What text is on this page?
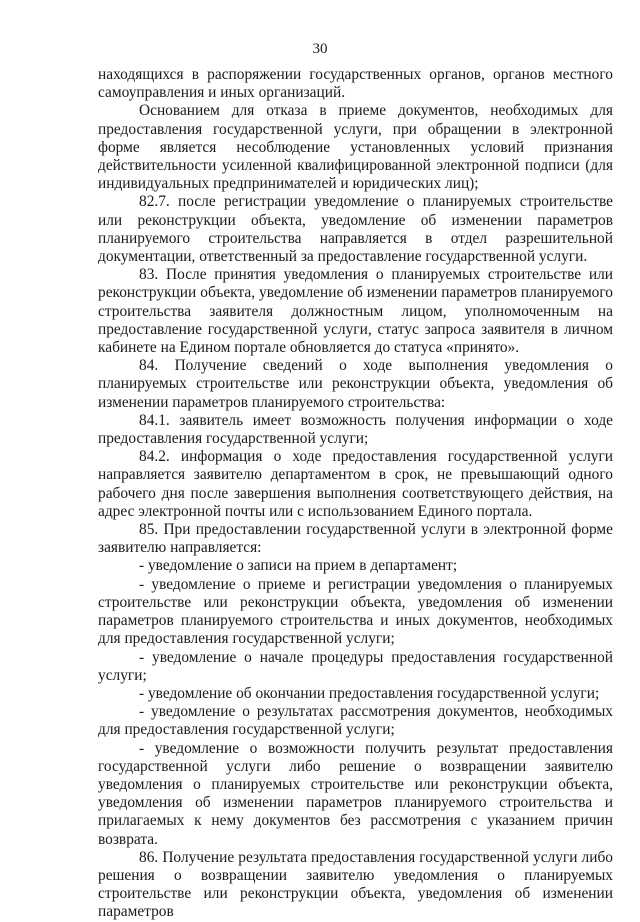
30

находящихся в распоряжении государственных органов, органов местного самоуправления и иных организаций.

Основанием для отказа в приеме документов, необходимых для предоставления государственной услуги, при обращении в электронной форме является несоблюдение установленных условий признания действительности усиленной квалифицированной электронной подписи (для индивидуальных предпринимателей и юридических лиц);

82.7. после регистрации уведомление о планируемых строительстве или реконструкции объекта, уведомление об изменении параметров планируемого строительства направляется в отдел разрешительной документации, ответственный за предоставление государственной услуги.

83. После принятия уведомления о планируемых строительстве или реконструкции объекта, уведомление об изменении параметров планируемого строительства заявителя должностным лицом, уполномоченным на предоставление государственной услуги, статус запроса заявителя в личном кабинете на Едином портале обновляется до статуса «принято».

84. Получение сведений о ходе выполнения уведомления о планируемых строительстве или реконструкции объекта, уведомления об изменении параметров планируемого строительства:

84.1. заявитель имеет возможность получения информации о ходе предоставления государственной услуги;

84.2. информация о ходе предоставления государственной услуги направляется заявителю департаментом в срок, не превышающий одного рабочего дня после завершения выполнения соответствующего действия, на адрес электронной почты или с использованием Единого портала.

85. При предоставлении государственной услуги в электронной форме заявителю направляется:

- уведомление о записи на прием в департамент;

- уведомление о приеме и регистрации уведомления о планируемых строительстве или реконструкции объекта, уведомления об изменении параметров планируемого строительства и иных документов, необходимых для предоставления государственной услуги;

- уведомление о начале процедуры предоставления государственной услуги;

- уведомление об окончании предоставления государственной услуги;

- уведомление о результатах рассмотрения документов, необходимых для предоставления государственной услуги;

- уведомление о возможности получить результат предоставления государственной услуги либо решение о возвращении заявителю уведомления о планируемых строительстве или реконструкции объекта, уведомления об изменении параметров планируемого строительства и прилагаемых к нему документов без рассмотрения с указанием причин возврата.

86. Получение результата предоставления государственной услуги либо решения о возвращении заявителю уведомления о планируемых строительстве или реконструкции объекта, уведомления об изменении параметров
